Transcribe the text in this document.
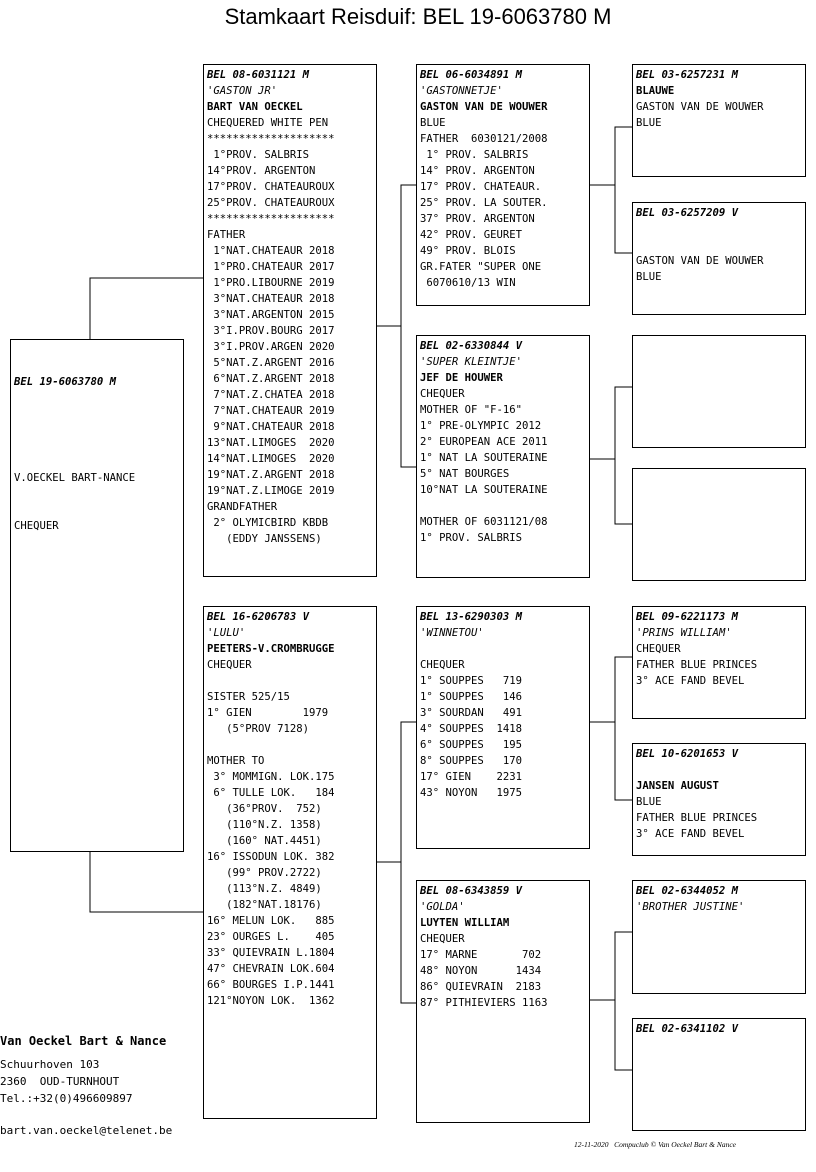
Stamkaart Reisduif: BEL 19-6063780 M

BEL 19-6063780 M

V.OECKEL BART-NANCE

CHEQUER

BEL 08-6031121 M
'GASTON JR'
BART VAN OECKEL
CHEQUERED WHITE PEN
********************
1°PROV. SALBRIS
14°PROV. ARGENTON
17°PROV. CHATEAUROUX
25°PROV. CHATEAUROUX
********************
FATHER
1°NAT.CHATEAUR 2018
1°PRO.CHATEAUR 2017
1°PRO.LIBOURNE 2019
3°NAT.CHATEAUR 2018
3°NAT.ARGENTON 2015
3°I.PROV.BOURG 2017
3°I.PROV.ARGEN 2020
5°NAT.Z.ARGENT 2016
6°NAT.Z.ARGENT 2018
7°NAT.Z.CHATEA 2018
7°NAT.CHATEAUR 2019
9°NAT.CHATEAUR 2018
13°NAT.LIMOGES  2020
14°NAT.LIMOGES  2020
19°NAT.Z.ARGENT 2018
19°NAT.Z.LIMOGE 2019
GRANDFATHER
2° OLYMICBIRD KBDB
(EDDY JANSSENS)
BEL 16-6206783 V
'LULU'
PEETERS-V.CROMBRUGGE
CHEQUER
SISTER 525/15
1° GIEN        1979
(5°PROV 7128)
MOTHER TO
3° MOMMIGN. LOK.175
6° TULLE LOK.   184
(36°PROV.  752)
(110°N.Z. 1358)
(160° NAT.4451)
16° ISSODUN LOK. 382
(99° PROV.2722)
(113°N.Z. 4849)
(182°NAT.18176)
16° MELUN LOK.   885
23° OURGES L.    405
33° QUIEVRAIN L.1804
47° CHEVRAIN LOK.604
66° BOURGES I.P.1441
121°NOYON LOK.  1362
BEL 06-6034891 M
'GASTONNETJE'
GASTON VAN DE WOUWER
BLUE
FATHER  6030121/2008
1° PROV. SALBRIS
14° PROV. ARGENTON
17° PROV. CHATEAUR.
25° PROV. LA SOUTER.
37° PROV. ARGENTON
42° PROV. GEURET
49° PROV. BLOIS
GR.FATER "SUPER ONE
6070610/13 WIN
BEL 02-6330844 V
'SUPER KLEINTJE'
JEF DE HOUWER
CHEQUER
MOTHER OF "F-16"
1° PRE-OLYMPIC 2012
2° EUROPEAN ACE 2011
1° NAT LA SOUTERAINE
5° NAT BOURGES
10°NAT LA SOUTERAINE
MOTHER OF 6031121/08
1° PROV. SALBRIS
BEL 13-6290303 M
'WINNETOU'
CHEQUER
1° SOUPPES   719
1° SOUPPES   146
3° SOURDAN   491
4° SOUPPES  1418
6° SOUPPES   195
8° SOUPPES   170
17° GIEN    2231
43° NOYON   1975
BEL 08-6343859 V
'GOLDA'
LUYTEN WILLIAM
CHEQUER
17° MARNE       702
48° NOYON      1434
86° QUIEVRAIN  2183
87° PITHIEVIERS 1163
BEL 03-6257231 M
BLAUWE
GASTON VAN DE WOUWER
BLUE
BEL 03-6257209 V
GASTON VAN DE WOUWER
BLUE
BEL 09-6221173 M
'PRINS WILLIAM'
CHEQUER
FATHER BLUE PRINCES
3° ACE FAND BEVEL
BEL 10-6201653 V
JANSEN AUGUST
BLUE
FATHER BLUE PRINCES
3° ACE FAND BEVEL
BEL 02-6344052 M
'BROTHER JUSTINE'
BEL 02-6341102 V
Van Oeckel Bart & Nance

Schuurhoven 103
2360  OUD-TURNHOUT
Tel.:+32(0)496609897
bart.van.oeckel@telenet.be
12-11-2020   Compuclub © Van Oeckel Bart & Nance
